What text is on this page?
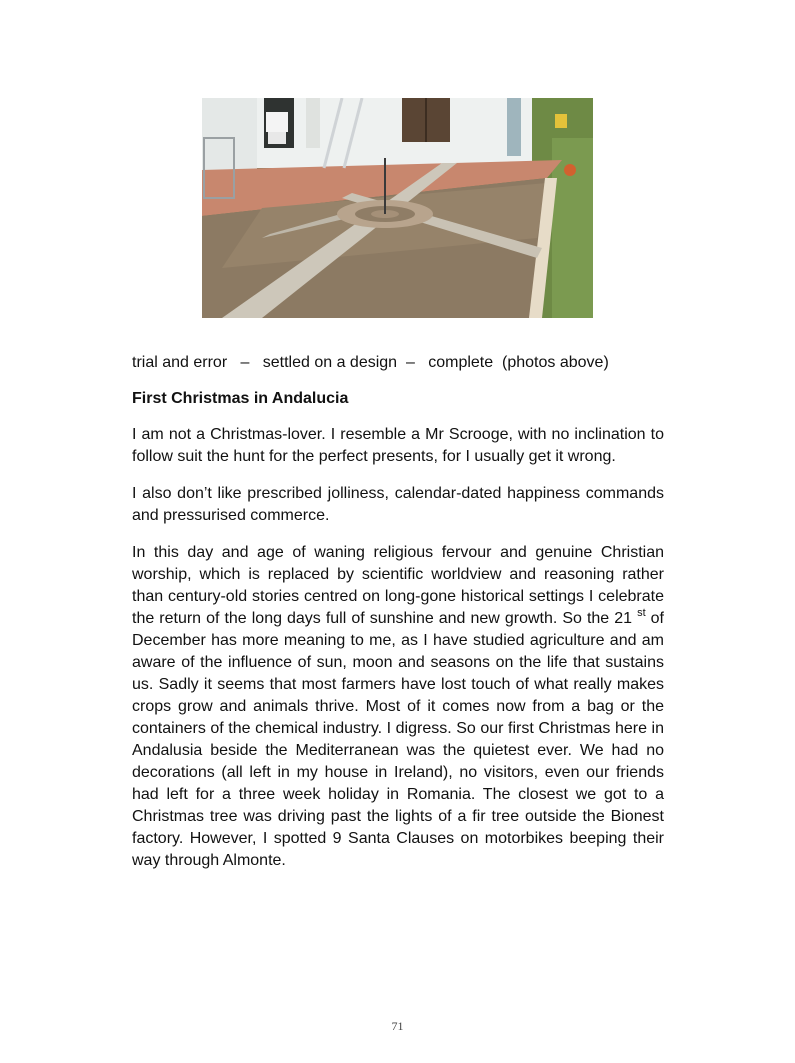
trial and error – settled on a design – complete (photos above)
First Christmas in Andalucia
I am not a Christmas-lover. I resemble a Mr Scrooge, with no inclination to follow suit the hunt for the perfect presents, for I usually get it wrong.
I also don’t like prescribed jolliness, calendar-dated happiness commands and pressurised commerce.
In this day and age of waning religious fervour and genuine Christian worship, which is replaced by scientific worldview and reasoning rather than century-old stories centred on long-gone historical settings I celebrate the return of the long days full of sunshine and new growth. So the 21 $^{st}$ of December has more meaning to me, as I have studied agriculture and am aware of the influence of sun, moon and seasons on the life that sustains us. Sadly it seems that most farmers have lost touch of what really makes crops grow and animals thrive. Most of it comes now from a bag or the containers of the chemical industry. I digress. So our first Christmas here in Andalusia beside the Mediterranean was the quietest ever. We had no decorations (all left in my house in Ireland), no visitors, even our friends had left for a three week holiday in Romania. The closest we got to a Christmas tree was driving past the lights of a fir tree outside the Bionest factory. However, I spotted 9 Santa Clauses on motorbikes beeping their way through Almonte.
71
